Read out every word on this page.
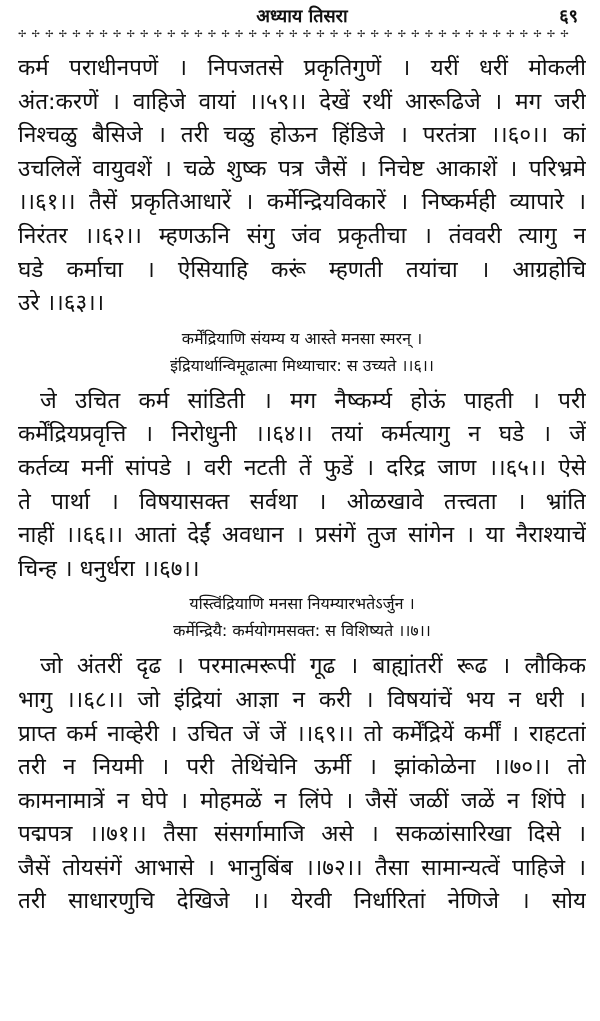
अध्याय तिसरा	६९
✢ ✢ ✢ ✢ ✢ ✢ ✢ ✢ ✢ ✢ ✢ ✢ ✢ ✢ ✢ ✢ ✢ ✢ ✢ ✢ ✢ ✢ ✢ ✢ ✢ ✢ ✢ ✢ ✢ ✢ ✢ ✢ ✢ ✢ ✢ ✢ ✢ ✢ ✢ ✢ ✢
कर्म पराधीनपणें । निपजतसे प्रकृतिगुणें । यरीं धरीं मोकली
अंत:करणें । वाहिजे वायां ।।५९।। देखें रथीं आरूढिजे । मग जरी
निश्चळु बैसिजे । तरी चळु होऊन हिंडिजे । परतंत्रा ।।६०।। कां
उचलिलें वायुवशें । चळे शुष्क पत्र जैसें । निचेष्ट आकाशें । परिभ्रमे
।।६१।। तैसें प्रकृतिआधारें । कर्मेन्द्रियविकारें । निष्कर्मही व्यापारे ।
निरंतर ।।६२।। म्हणऊनि संगु जंव प्रकृतीचा । तंववरी त्यागु न
घडे कर्माचा । ऐसियाहि करूं म्हणती तयांचा । आग्रहोचि
उरे ।।६३।।
कर्मेंद्रियाणि संयम्य य आस्ते मनसा स्मरन् ।
इंद्रियार्थान्विमूढात्मा मिथ्याचार: स उच्यते ।।६।।
जे उचित कर्म सांडिती । मग नैष्कर्म्य होऊं पाहती । परी
कर्मेंद्रियप्रवृत्ति । निरोधुनी ।।६४।। तयां कर्मत्यागु न घडे । जें
कर्तव्य मनीं सांपडे । वरी नटती तें फुडें । दरिद्र जाण ।।६५।। ऐसे
ते पार्था । विषयासक्त सर्वथा । ओळखावे तत्त्वता । भ्रांति
नाहीं ।।६६।। आतां देईं अवधान । प्रसंगें तुज सांगेन । या नैराश्याचें
चिन्ह । धनुर्धरा ।।६७।।
यस्त्विंद्रियाणि मनसा नियम्यारभतेऽर्जुन ।
कर्मेन्द्रियै: कर्मयोगमसक्त: स विशिष्यते ।।७।।
जो अंतरीं दृढ । परमात्मरूपीं गूढ । बाह्यांतरीं रूढ । लौकिक
भागु ।।६८।। जो इंद्रियां आज्ञा न करी । विषयांचें भय न धरी ।
प्राप्त कर्म नाव्हेरी । उचित जें जें ।।६९।। तो कर्मेंद्रियें कर्मीं । राहटतां
तरी न नियमी । परी तेथिंचेनि ऊर्मी । झांकोळेना ।।७०।। तो
कामनामात्रें न घेपे । मोहमळें न लिंपे । जैसें जळीं जळें न शिंपे ।
पद्मपत्र ।।७१।। तैसा संसर्गामाजि असे । सकळांसारिखा दिसे ।
जैसें तोयसंगें आभासे । भानुबिंब ।।७२।। तैसा सामान्यत्वें पाहिजे ।
तरी साधारणुचि देखिजे ।। येरवी निर्धारितां नेणिजे । सोय
